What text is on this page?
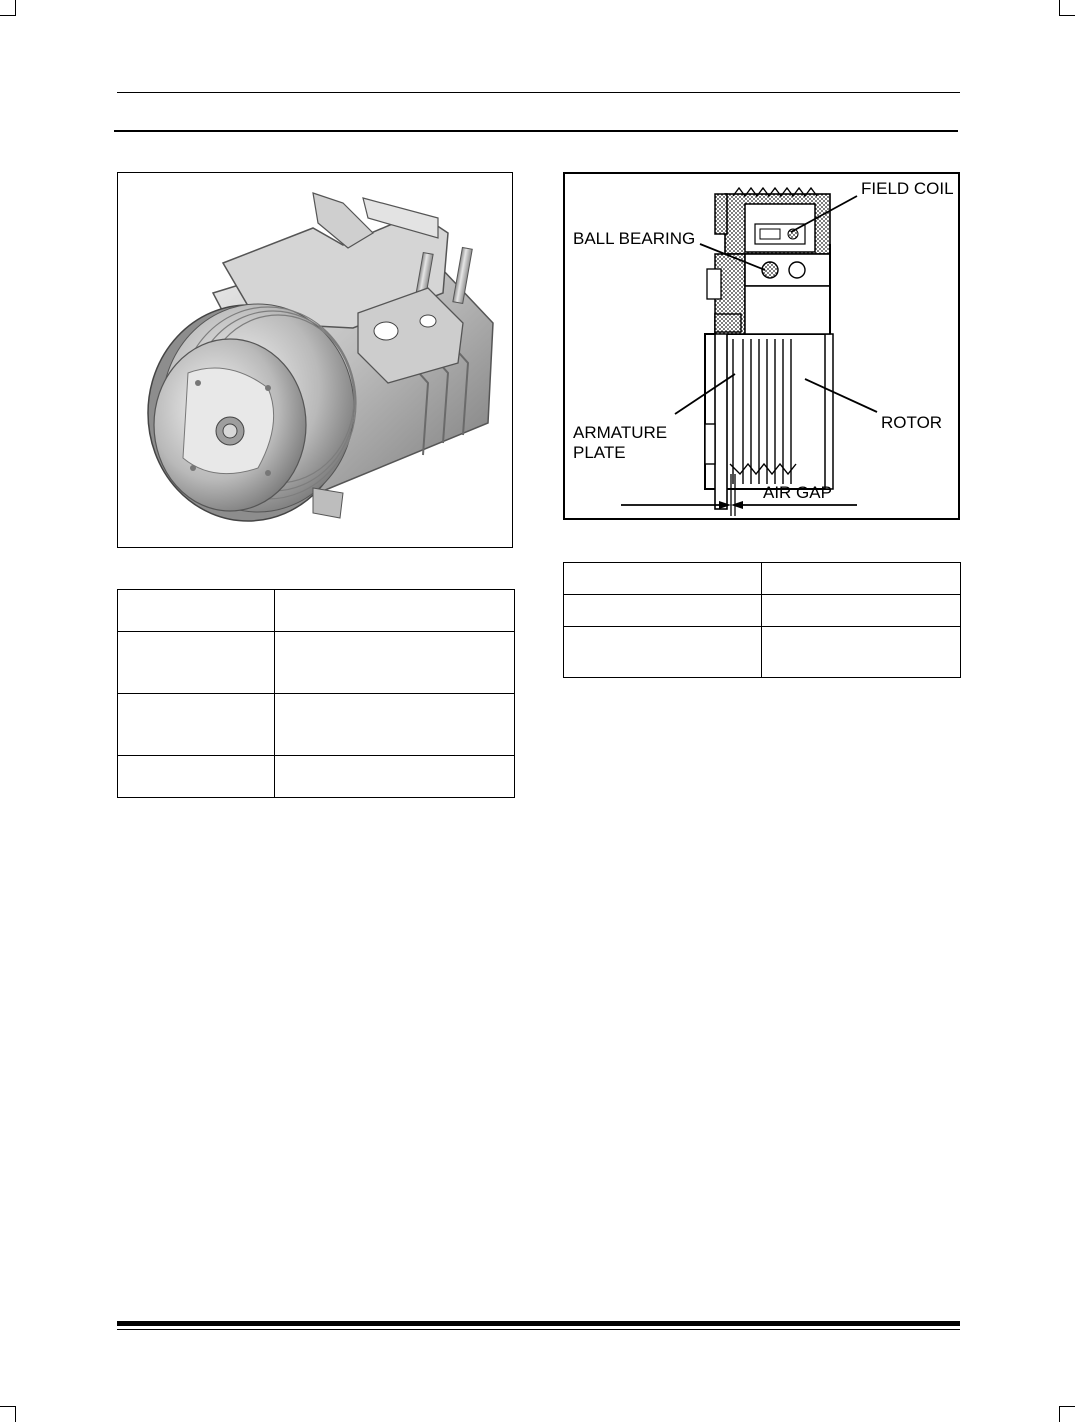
FIELD COIL
BALL BEARING
ARMATURE
PLATE
ROTOR
AIR GAP
